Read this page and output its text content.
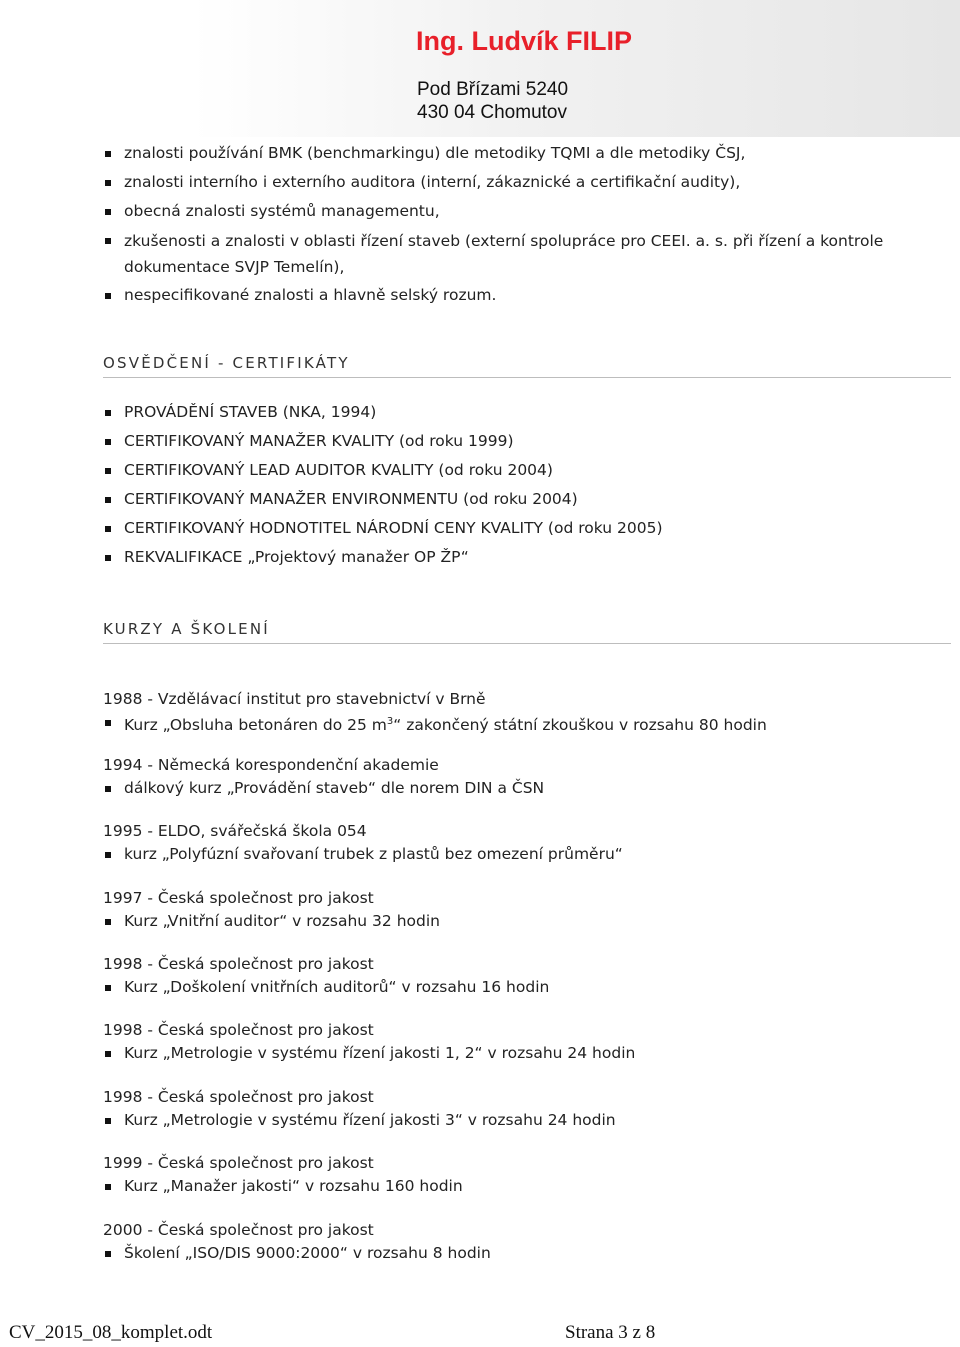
Ing. Ludvík FILIP
Pod Břízami 5240
430 04 Chomutov
znalosti používání BMK (benchmarkingu) dle metodiky TQMI a dle metodiky ČSJ,
znalosti interního i externího auditora (interní, zákaznické a certifikační audity),
obecná znalosti systémů managementu,
zkušenosti a znalosti v oblasti řízení staveb (externí spolupráce pro CEEI. a. s. při řízení a kontrole dokumentace SVJP Temelín),
nespecifikované znalosti a hlavně selský rozum.
OSVĚDČENÍ - CERTIFIKÁTY
PROVÁDĚNÍ STAVEB (NKA, 1994)
CERTIFIKOVANÝ MANAŽER KVALITY (od roku 1999)
CERTIFIKOVANÝ LEAD AUDITOR KVALITY (od roku 2004)
CERTIFIKOVANÝ MANAŽER ENVIRONMENTU (od roku 2004)
CERTIFIKOVANÝ HODNOTITEL NÁRODNÍ CENY KVALITY (od roku 2005)
REKVALIFIKACE „Projektový manažer OP ŽP“
KURZY A ŠKOLENÍ

1988 - Vzdělávací institut pro stavebnictví v Brně

Kurz „Obsluha betonáren do 25 $m^3“$ zakončený státní zkouškou v rozsahu 80 hodin

1994 - Německá korespondenční akademie

dálkový kurz „Provádění staveb“ dle norem DIN a ČSN

1995 - ELDO, svářečská škola 054

kurz „Polyfúzní svařovaní trubek z plastů bez omezení průměru“

1997 - Česká společnost pro jakost

Kurz „Vnitřní auditor“ v rozsahu 32 hodin

1998 - Česká společnost pro jakost

Kurz „Doškolení vnitřních auditorů“ v rozsahu 16 hodin

1998 - Česká společnost pro jakost

Kurz „Metrologie v systému řízení jakosti 1, 2“ v rozsahu 24 hodin

1998 - Česká společnost pro jakost

Kurz „Metrologie v systému řízení jakosti 3“ v rozsahu 24 hodin

1999 - Česká společnost pro jakost

Kurz „Manažer jakosti“ v rozsahu 160 hodin

2000 - Česká společnost pro jakost

Školení „ISO/DIS 9000:2000“ v rozsahu 8 hodin
CV_2015_08_komplet.odt	Strana 3 z 8
